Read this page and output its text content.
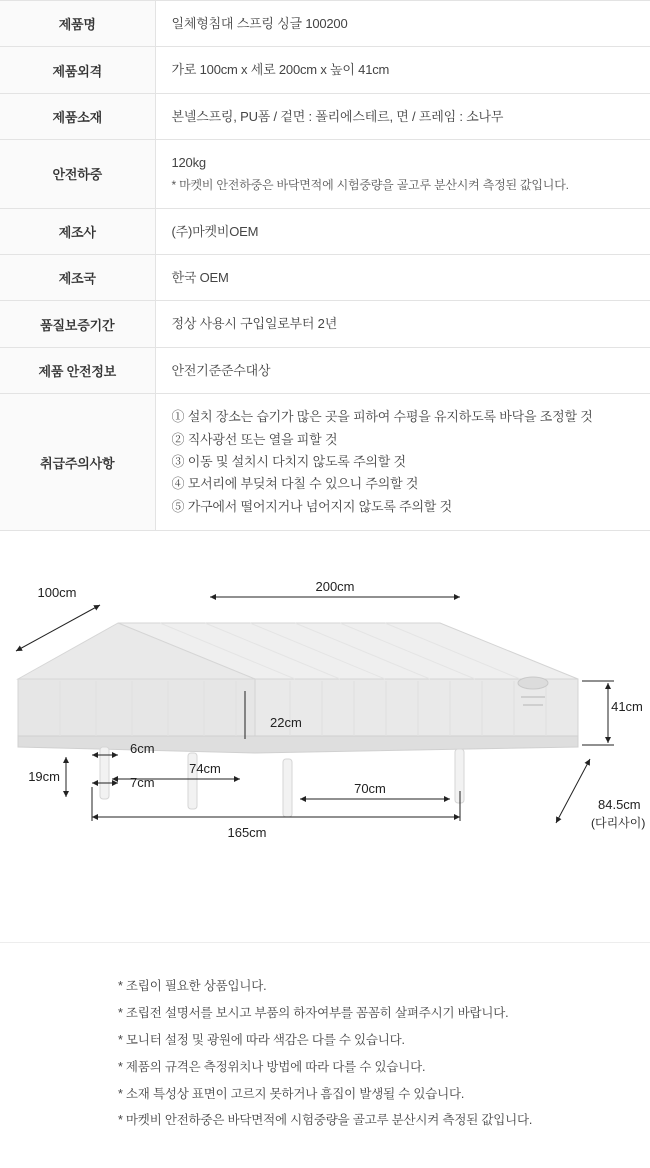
제품명	일체형침대 스프링 싱글 100200
제품외격	가로 100cm x 세로 200cm x 높이 41cm
제품소재	본넬스프링, PU폼 / 겉면 : 폴리에스테르, 면 / 프레임 : 소나무
안전하중	120kg
* 마켓비 안전하중은 바닥면적에 시험중량을 골고루 분산시켜 측정된 값입니다.

제조사	(주)마켓비OEM
제조국	한국 OEM
품질보증기간	정상 사용시 구입일로부터 2년
제품 안전정보	안전기준준수대상
취급주의사항	
① 설치 장소는 습기가 많은 곳을 피하여 수평을 유지하도록 바닥을 조정할 것
② 직사광선 또는 열을 피할 것
③ 이동 및 설치시 다치지 않도록 주의할 것
④ 모서리에 부딪쳐 다칠 수 있으니 주의할 것
⑤ 가구에서 떨어지거나 넘어지지 않도록 주의할 것
200cm
100cm
41cm
22cm
19cm
6cm
7cm
74cm
70cm
165cm
84.5cm
(다리사이)
* 조립이 필요한 상품입니다.
* 조립전 설명서를 보시고 부품의 하자여부를 꼼꼼히 살펴주시기 바랍니다.
* 모니터 설정 및 광원에 따라 색감은 다를 수 있습니다.
* 제품의 규격은 측정위치나 방법에 따라 다를 수 있습니다.
* 소재 특성상 표면이 고르지 못하거나 흠집이 발생될 수 있습니다.
* 마켓비 안전하중은 바닥면적에 시험중량을 골고루 분산시켜 측정된 값입니다.
